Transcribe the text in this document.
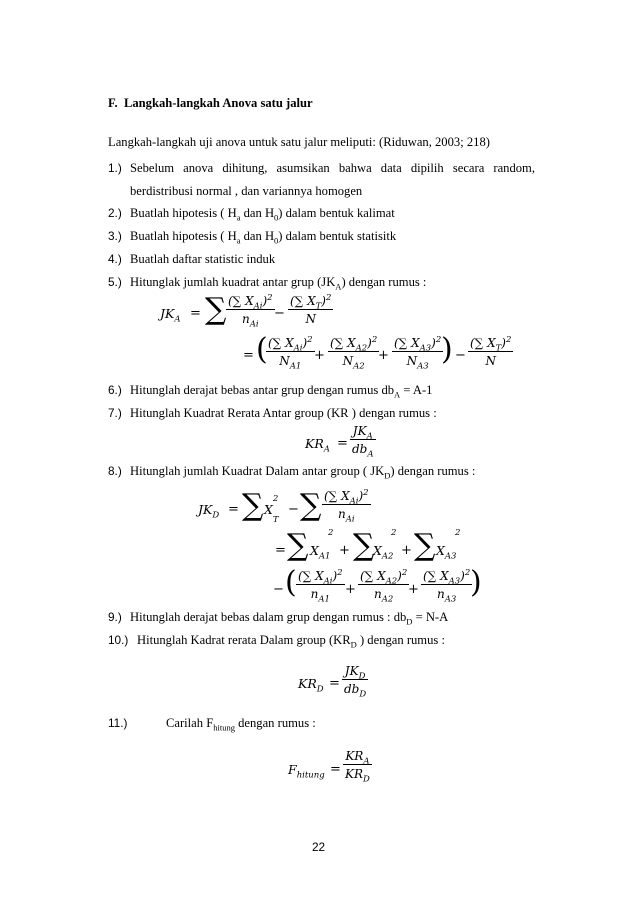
F. Langkah-langkah Anova satu jalur
Langkah-langkah uji anova untuk satu jalur meliputi: (Riduwan, 2003; 218)
1.) Sebelum anova dihitung, asumsikan bahwa data dipilih secara random,
berdistribusi normal , dan variannya homogen
2.) Buatlah hipotesis ( $H_a$ dan $H_0$) dalam bentuk kalimat
3.) Buatlah hipotesis ( $H_a$ dan $H_0$) dalam bentuk statisitk
4.) Buatlah daftar statistic induk
5.) Hitunglak jumlah kuadrat antar grup $(JK_A)$ dengan rumus :
$JK_A$ = ∑ (∑ $X_{Ai})^2$
$n_{Ai}$
−
(∑ $X_T)^2$
N
= ( (∑ $X_{Ai})^2$
$N_{A1}$
+
(∑ $X_{A2})^2$
$N_{A2}$
+
(∑ $X_{A3})^2$
$N_{A3}$ ) −
(∑ $X_T)^2$
N
6.) Hitunglah derajat bebas antar grup dengan rumus $db_A = A-1$
7.) Hitunglah Kuadrat Rerata Antar group (KR ) dengan rumus :
$KR_A$ =
$JK_A$
$db_A$
8.) Hitunglah jumlah Kuadrat Dalam antar group ( $JK_D$) dengan rumus :
$JK_D$ = ∑ X
2
$_T$
− ∑ (∑ $X_{Ai})^2$
$n_{Ai}$
= ∑ $X_{A1}$
2
+ ∑
$X_{A2}$
2
+ ∑ $X_{A3}$
2
− ( (∑ $X_{Ai})^2$
$n_{A1}$
+
(∑ $X_{A2})^2$
$n_{A2}$
+
(∑ $X_{A3})^2$
$n_{A3}$ )
9.) Hitunglah derajat bebas dalam grup dengan rumus : $db_D = N-A$
10.) Hitunglah Kadrat rerata Dalam group ($KR_D$ ) dengan rumus :
$KR_D$ =
$JK_D$
$db_D$
11.)	Carilah $F_{hitung}$ dengan rumus :
$F_{hitung}$ =
$KR_A$
$KR_D$
22
